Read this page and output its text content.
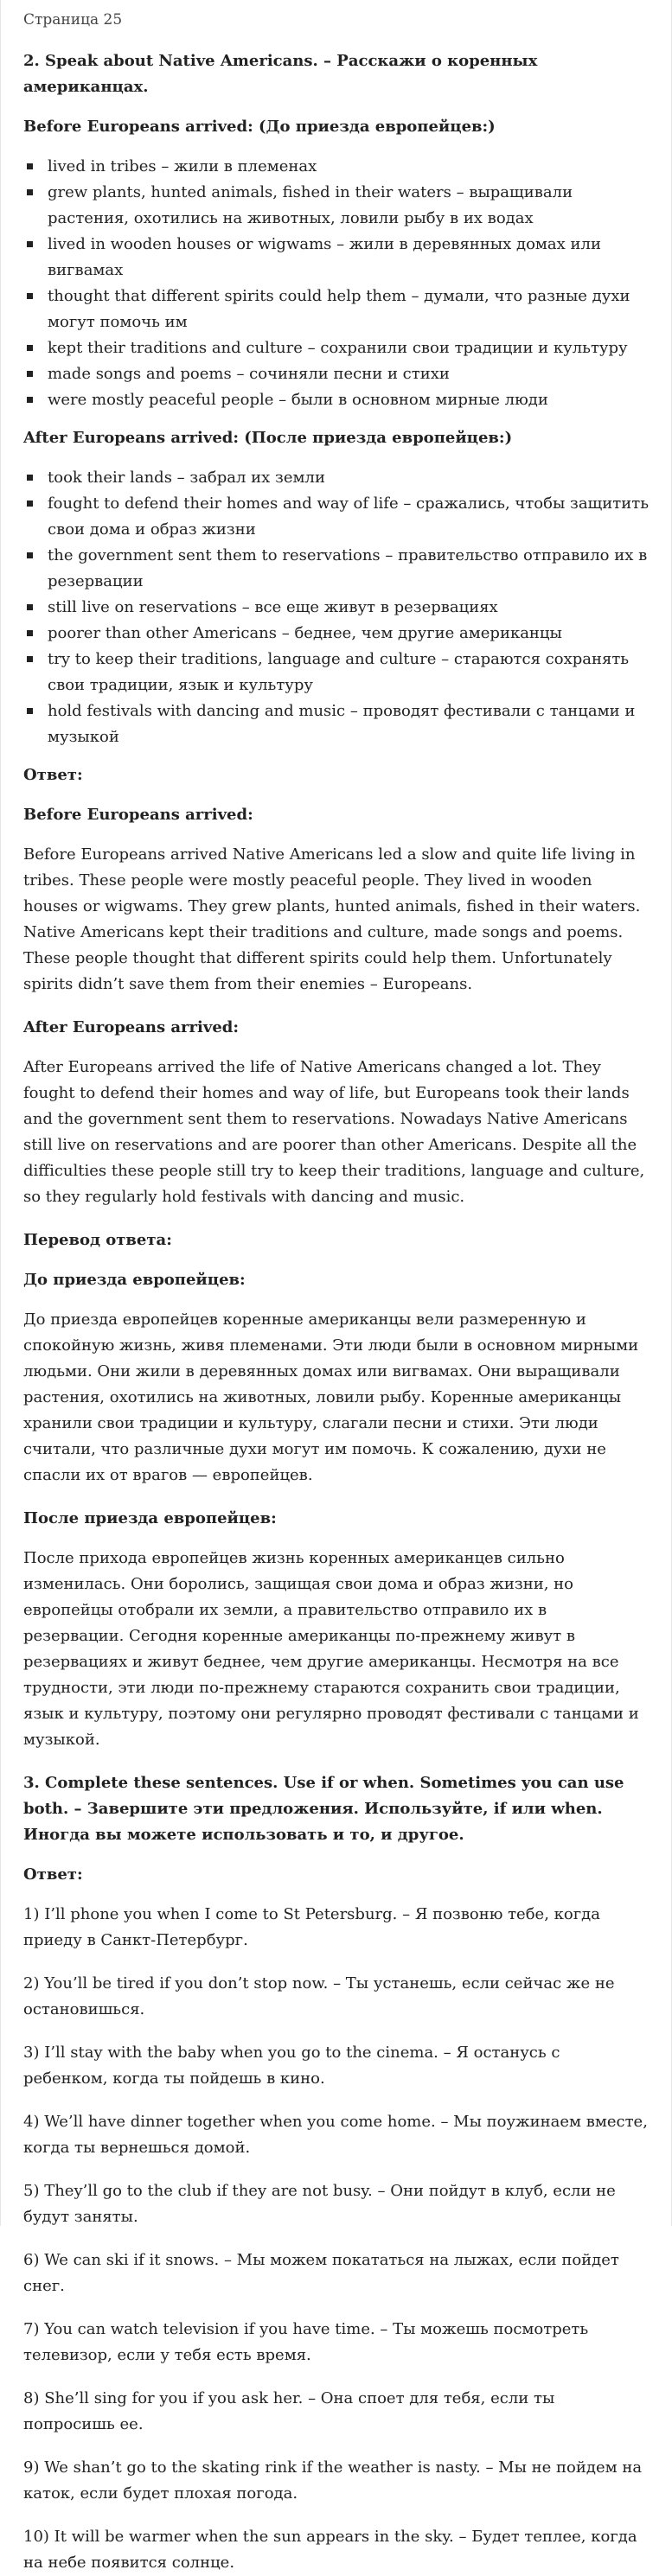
Страница 25

2. Speak about Native Americans. – Расскажи о коренных американцах.

Before Europeans arrived: (До приезда европейцев:)

lived in tribes – жили в племенах
grew plants, hunted animals, fished in their waters – выращивали растения, охотились на животных, ловили рыбу в их водах
lived in wooden houses or wigwams – жили в деревянных домах или вигвамах
thought that different spirits could help them – думали, что разные духи могут помочь им
kept their traditions and culture – сохранили свои традиции и культуру
made songs and poems – сочиняли песни и стихи
were mostly peaceful people – были в основном мирные люди

After Europeans arrived: (После приезда европейцев:)

took their lands – забрал их земли
fought to defend their homes and way of life – сражались, чтобы защитить свои дома и образ жизни
the government sent them to reservations – правительство отправило их в резервации
still live on reservations – все еще живут в резервациях
poorer than other Americans – беднее, чем другие американцы
try to keep their traditions, language and culture – стараются сохранять свои традиции, язык и культуру
hold festivals with dancing and music – проводят фестивали с танцами и музыкой

Ответ:

Before Europeans arrived:

Before Europeans arrived Native Americans led a slow and quite life living in tribes. These people were mostly peaceful people. They lived in wooden houses or wigwams. They grew plants, hunted animals, fished in their waters. Native Americans kept their traditions and culture, made songs and poems. These people thought that different spirits could help them. Unfortunately spirits didn’t save them from their enemies – Europeans.

After Europeans arrived:

After Europeans arrived the life of Native Americans changed a lot. They fought to defend their homes and way of life, but Europeans took their lands and the government sent them to reservations. Nowadays Native Americans still live on reservations and are poorer than other Americans. Despite all the difficulties these people still try to keep their traditions, language and culture, so they regularly hold festivals with dancing and music.

Перевод ответа:

До приезда европейцев:

До приезда европейцев коренные американцы вели размеренную и спокойную жизнь, живя племенами. Эти люди были в основном мирными людьми. Они жили в деревянных домах или вигвамах. Они выращивали растения, охотились на животных, ловили рыбу. Коренные американцы хранили свои традиции и культуру, слагали песни и стихи. Эти люди считали, что различные духи могут им помочь. К сожалению, духи не спасли их от врагов — европейцев.

После приезда европейцев:

После прихода европейцев жизнь коренных американцев сильно изменилась. Они боролись, защищая свои дома и образ жизни, но европейцы отобрали их земли, а правительство отправило их в резервации. Сегодня коренные американцы по-прежнему живут в резервациях и живут беднее, чем другие американцы. Несмотря на все трудности, эти люди по-прежнему стараются сохранить свои традиции, язык и культуру, поэтому они регулярно проводят фестивали с танцами и музыкой.

3. Complete these sentences. Use if or when. Sometimes you can use both. – Завершите эти предложения. Используйте, if или when. Иногда вы можете использовать и то, и другое.

Ответ:

1) I’ll phone you when I come to St Petersburg. – Я позвоню тебе, когда приеду в Санкт-Петербург.

2) You’ll be tired if you don’t stop now. – Ты устанешь, если сейчас же не остановишься.

3) I’ll stay with the baby when you go to the cinema. – Я останусь с ребенком, когда ты пойдешь в кино.

4) We’ll have dinner together when you come home. – Мы поужинаем вместе, когда ты вернешься домой.

5) They’ll go to the club if they are not busy. – Они пойдут в клуб, если не будут заняты.

6) We can ski if it snows. – Мы можем покататься на лыжах, если пойдет снег.

7) You can watch television if you have time. – Ты можешь посмотреть телевизор, если у тебя есть время.

8) She’ll sing for you if you ask her. – Она споет для тебя, если ты попросишь ее.

9) We shan’t go to the skating rink if the weather is nasty. – Мы не пойдем на каток, если будет плохая погода.

10) It will be warmer when the sun appears in the sky. – Будет теплее, когда на небе появится солнце.
